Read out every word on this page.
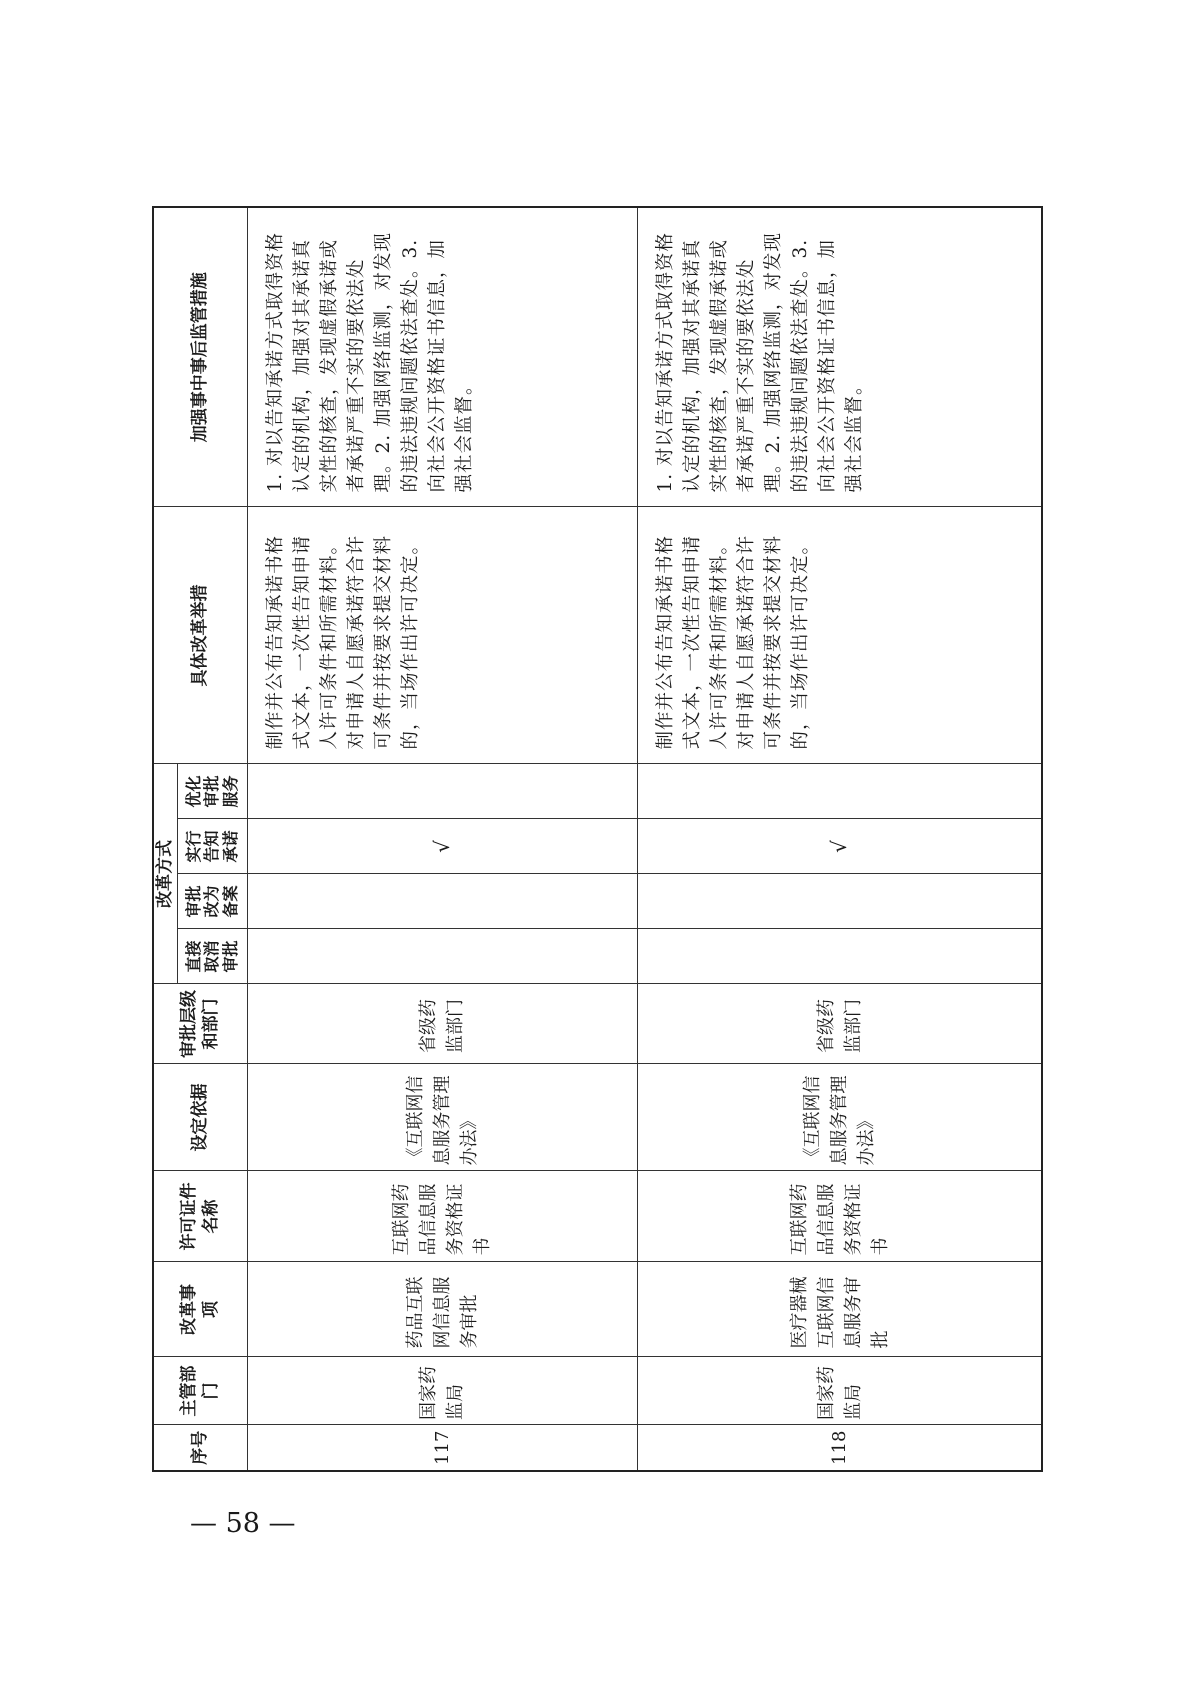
序号	主管部门	改革事项	许可证件名称	设定依据	审批层级和部门	改革方式				具体改革举措	加强事中事后监管措施
						直接取消审批	审批改为备案	实行告知承诺	优化审批服务		
117	国家药监局	药品互联网信息服务审批	互联网药品信息服务资格证书	《互联网信息服务管理办法》	省级药监部门			√		制作并公布告知承诺书格式文本，一次性告知申请人许可条件和所需材料。对申请人自愿承诺符合许可条件并按要求提交材料的，当场作出许可决定。	1. 对以告知承诺方式取得资格认定的机构，加强对其承诺真实性的核查，发现虚假承诺或者承诺严重不实的要依法处理。2. 加强网络监测，对发现的违法违规问题依法查处。3. 向社会公开资格证书信息，加强社会监督。
118	国家药监局	医疗器械互联网信息服务审批	互联网药品信息服务资格证书	《互联网信息服务管理办法》	省级药监部门			√		制作并公布告知承诺书格式文本，一次性告知申请人许可条件和所需材料。对申请人自愿承诺符合许可条件并按要求提交材料的，当场作出许可决定。	1. 对以告知承诺方式取得资格认定的机构，加强对其承诺真实性的核查，发现虚假承诺或者承诺严重不实的要依法处理。2. 加强网络监测，对发现的违法违规问题依法查处。3. 向社会公开资格证书信息，加强社会监督。
— 58 —
